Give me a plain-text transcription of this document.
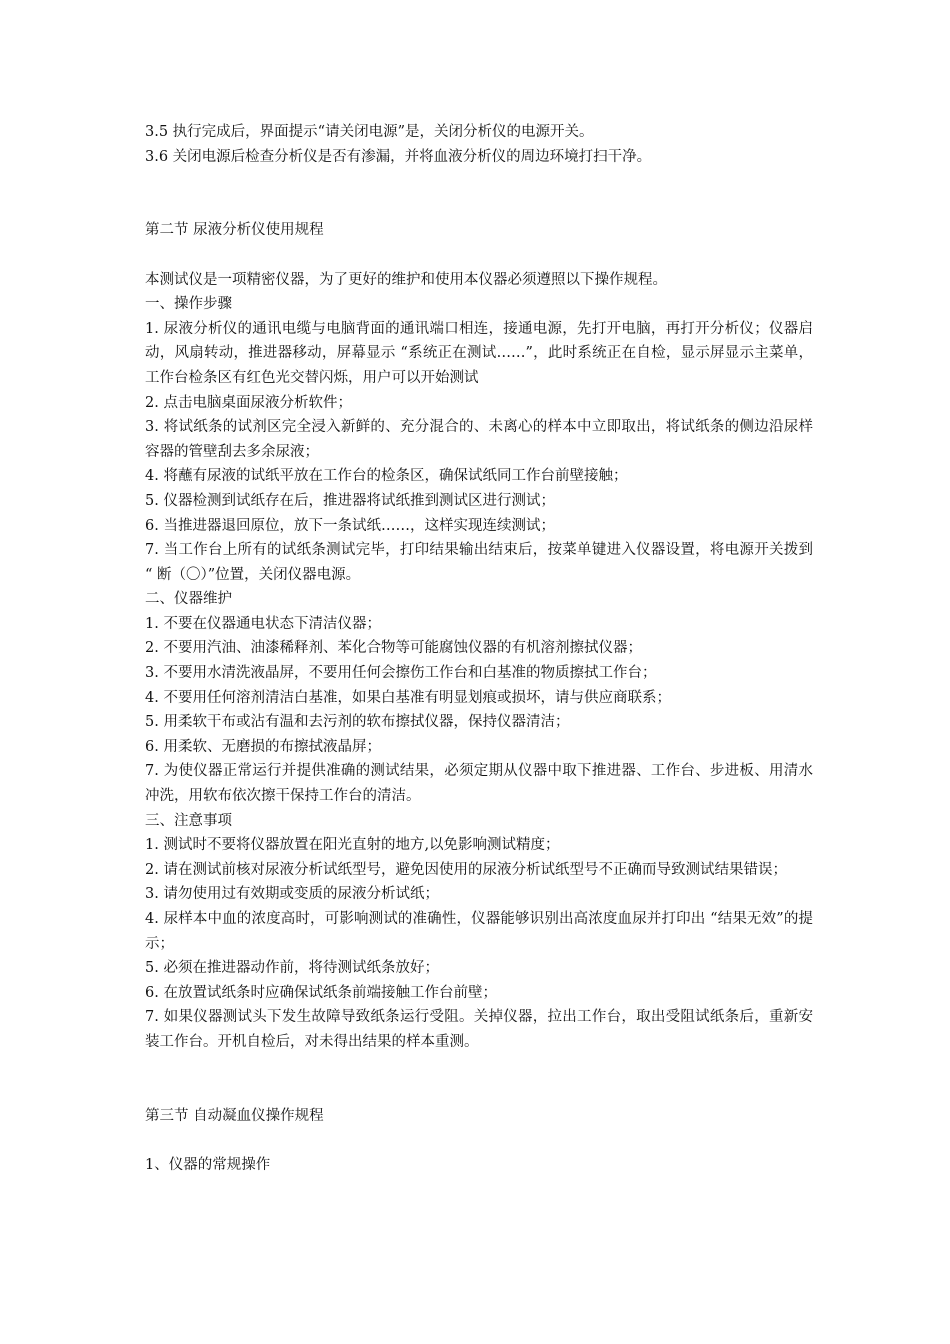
3.5 执行完成后，界面提示“请关闭电源”是，关闭分析仪的电源开关。
3.6 关闭电源后检查分析仪是否有渗漏，并将血液分析仪的周边环境打扫干净。
第二节 尿液分析仪使用规程
本测试仪是一项精密仪器，为了更好的维护和使用本仪器必须遵照以下操作规程。
一、操作步骤
1. 尿液分析仪的通讯电缆与电脑背面的通讯端口相连，接通电源，先打开电脑，再打开分析仪；仪器启动，风扇转动，推进器移动，屏幕显示 “系统正在测试……”，此时系统正在自检，显示屏显示主菜单，工作台检条区有红色光交替闪烁，用户可以开始测试
2. 点击电脑桌面尿液分析软件；
3. 将试纸条的试剂区完全浸入新鲜的、充分混合的、未离心的样本中立即取出，将试纸条的侧边沿尿样容器的管壁刮去多余尿液；
4. 将蘸有尿液的试纸平放在工作台的检条区，确保试纸同工作台前壁接触；
5. 仪器检测到试纸存在后，推进器将试纸推到测试区进行测试；
6. 当推进器退回原位，放下一条试纸……，这样实现连续测试；
7. 当工作台上所有的试纸条测试完毕，打印结果输出结束后，按菜单键进入仪器设置，将电源开关拨到 “ 断（〇）”位置，关闭仪器电源。
二、仪器维护
1. 不要在仪器通电状态下清洁仪器；
2. 不要用汽油、油漆稀释剂、苯化合物等可能腐蚀仪器的有机溶剂擦拭仪器；
3. 不要用水清洗液晶屏，不要用任何会擦伤工作台和白基准的物质擦拭工作台；
4. 不要用任何溶剂清洁白基准，如果白基准有明显划痕或损坏，请与供应商联系；
5. 用柔软干布或沾有温和去污剂的软布擦拭仪器，保持仪器清洁；
6. 用柔软、无磨损的布擦拭液晶屏；
7. 为使仪器正常运行并提供准确的测试结果，必须定期从仪器中取下推进器、工作台、步进板、用清水冲洗，用软布依次擦干保持工作台的清洁。
三、注意事项
1. 测试时不要将仪器放置在阳光直射的地方,以免影响测试精度；
2. 请在测试前核对尿液分析试纸型号，避免因使用的尿液分析试纸型号不正确而导致测试结果错误；
3. 请勿使用过有效期或变质的尿液分析试纸；
4. 尿样本中血的浓度高时，可影响测试的准确性，仪器能够识别出高浓度血尿并打印出 “结果无效”的提示；
5. 必须在推进器动作前，将待测试纸条放好；
6. 在放置试纸条时应确保试纸条前端接触工作台前壁；
7. 如果仪器测试头下发生故障导致纸条运行受阻。关掉仪器，拉出工作台，取出受阻试纸条后，重新安装工作台。开机自检后，对未得出结果的样本重测。
第三节 自动凝血仪操作规程
1、仪器的常规操作
